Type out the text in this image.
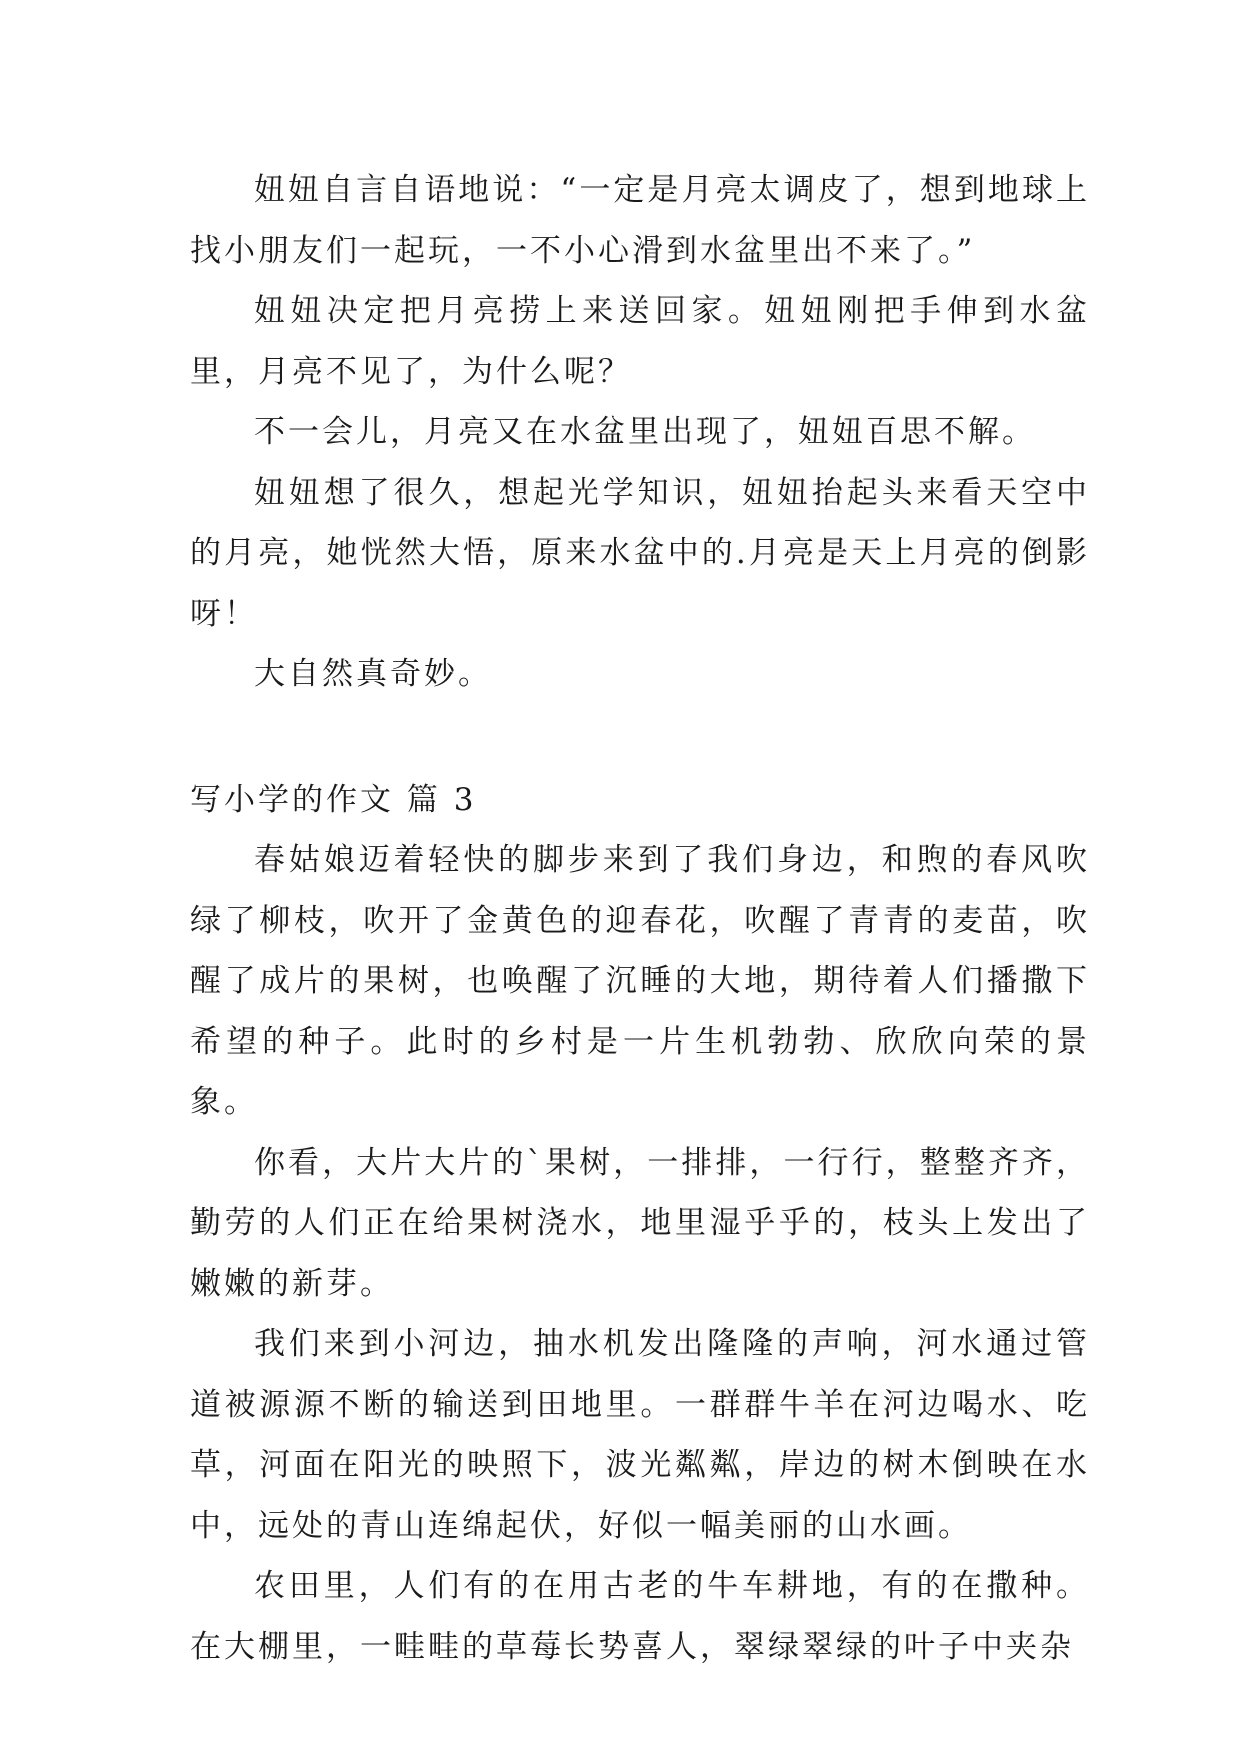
妞妞自言自语地说：“一定是月亮太调皮了，想到地球上找小朋友们一起玩，一不小心滑到水盆里出不来了。”

妞妞决定把月亮捞上来送回家。妞妞刚把手伸到水盆里，月亮不见了，为什么呢？

不一会儿，月亮又在水盆里出现了，妞妞百思不解。

妞妞想了很久，想起光学知识，妞妞抬起头来看天空中的月亮，她恍然大悟，原来水盆中的.月亮是天上月亮的倒影呀！

大自然真奇妙。

写小学的作文 篇 3

春姑娘迈着轻快的脚步来到了我们身边，和煦的春风吹绿了柳枝，吹开了金黄色的迎春花，吹醒了青青的麦苗，吹醒了成片的果树，也唤醒了沉睡的大地，期待着人们播撒下希望的种子。此时的乡村是一片生机勃勃、欣欣向荣的景象。

你看，大片大片的`果树，一排排，一行行，整整齐齐，勤劳的人们正在给果树浇水，地里湿乎乎的，枝头上发出了嫩嫩的新芽。

我们来到小河边，抽水机发出隆隆的声响，河水通过管道被源源不断的输送到田地里。一群群牛羊在河边喝水、吃草，河面在阳光的映照下，波光粼粼，岸边的树木倒映在水中，远处的青山连绵起伏，好似一幅美丽的山水画。

农田里，人们有的在用古老的牛车耕地，有的在撒种。在大棚里，一畦畦的草莓长势喜人，翠绿翠绿的叶子中夹杂
